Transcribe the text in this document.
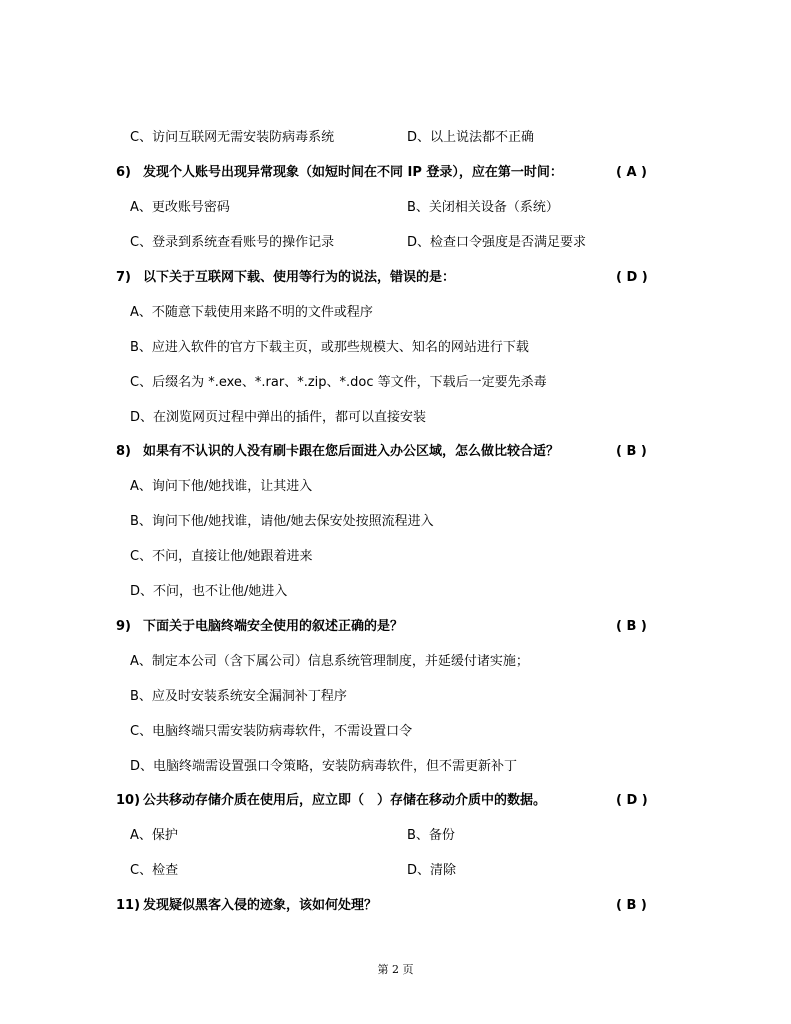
C、访问互联网无需安装防病毒系统	D、以上说法都不正确
6) 发现个人账号出现异常现象（如短时间在不同 IP 登录），应在第一时间：	( A )
A、更改账号密码	B、关闭相关设备（系统）
C、登录到系统查看账号的操作记录	D、检查口令强度是否满足要求
7) 以下关于互联网下载、使用等行为的说法，错误的是：	( D )
A、不随意下载使用来路不明的文件或程序
B、应进入软件的官方下载主页，或那些规模大、知名的网站进行下载
C、后缀名为 *.exe、*.rar、*.zip、*.doc 等文件，下载后一定要先杀毒
D、在浏览网页过程中弹出的插件，都可以直接安装
8) 如果有不认识的人没有刷卡跟在您后面进入办公区域，怎么做比较合适？	( B )
A、询问下他/她找谁，让其进入
B、询问下他/她找谁，请他/她去保安处按照流程进入
C、不问，直接让他/她跟着进来
D、不问，也不让他/她进入
9) 下面关于电脑终端安全使用的叙述正确的是？	( B )
A、制定本公司（含下属公司）信息系统管理制度，并延缓付诸实施；
B、应及时安装系统安全漏洞补丁程序
C、电脑终端只需安装防病毒软件，不需设置口令
D、电脑终端需设置强口令策略，安装防病毒软件，但不需更新补丁
10) 公共移动存储介质在使用后，应立即（　）存储在移动介质中的数据。	( D )
A、保护	B、备份
C、检查	D、清除
11) 发现疑似黑客入侵的迹象，该如何处理？	( B )
第 2 页
